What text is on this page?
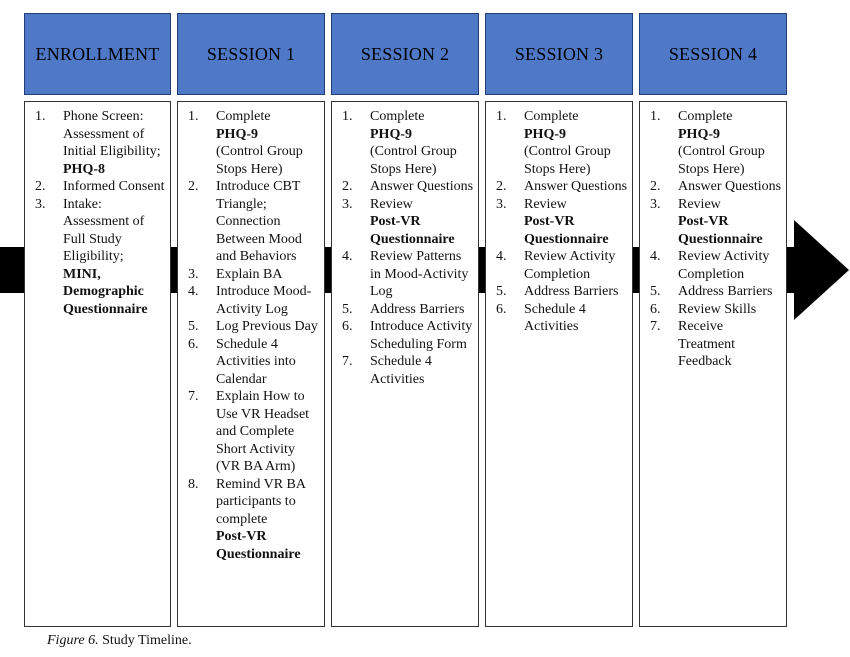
ENROLLMENT
1.	Phone Screen: Assessment of Initial Eligibility;
PHQ-8
2.	Informed Consent
3.	Intake: Assessment of Full Study Eligibility;
MINI, Demographic Questionnaire
SESSION 1
1.	Complete
PHQ-9
(Control Group Stops Here)
2.	Introduce CBT Triangle; Connection Between Mood and Behaviors
3.	Explain BA
4.	Introduce Mood-Activity Log
5.	Log Previous Day
6.	Schedule 4 Activities into Calendar
7.	Explain How to Use VR Headset and Complete Short Activity (VR BA Arm)
8.	Remind VR BA participants to complete
Post-VR Questionnaire
SESSION 2
1.	Complete
PHQ-9
(Control Group Stops Here)
2.	Answer Questions
3.	Review
Post-VR Questionnaire
4.	Review Patterns in Mood-Activity Log
5.	Address Barriers
6.	Introduce Activity Scheduling Form
7.	Schedule 4 Activities
SESSION 3
1.	Complete
PHQ-9
(Control Group Stops Here)
2.	Answer Questions
3.	Review
Post-VR Questionnaire
4.	Review Activity Completion
5.	Address Barriers
6.	Schedule 4 Activities
SESSION 4
1.	Complete
PHQ-9
(Control Group Stops Here)
2.	Answer Questions
3.	Review
Post-VR Questionnaire
4.	Review Activity Completion
5.	Address Barriers
6.	Review Skills
7.	Receive Treatment Feedback
Figure 6. Study Timeline.
